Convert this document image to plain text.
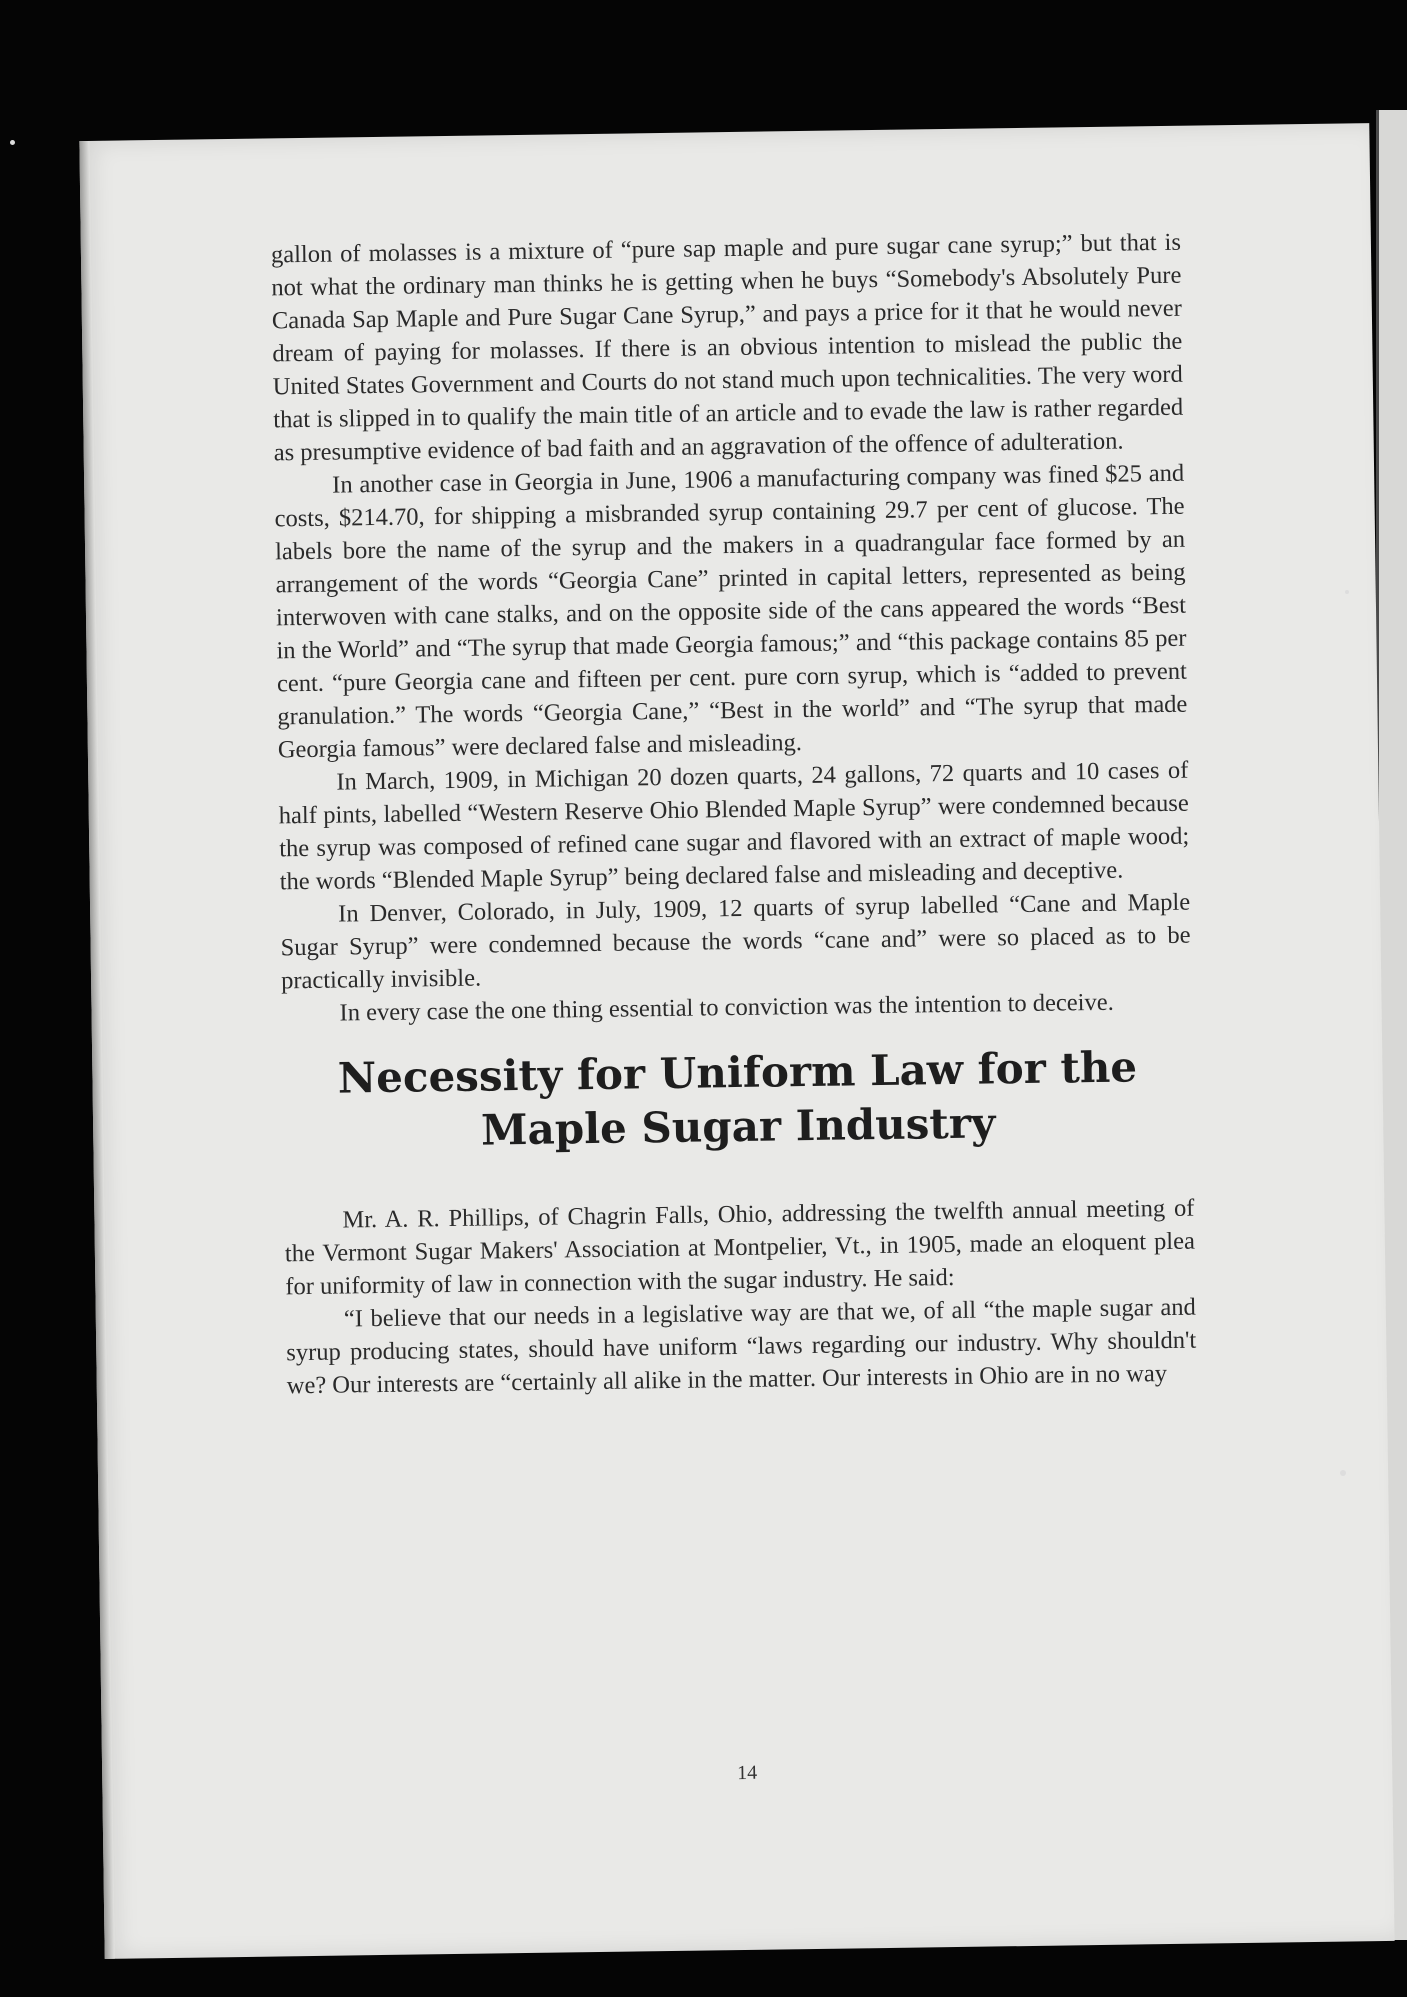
gallon of molasses is a mixture of “pure sap maple and pure sugar cane syrup;” but that is not what the ordinary man thinks he is getting when he buys “Somebody's Absolutely Pure Canada Sap Maple and Pure Sugar Cane Syrup,” and pays a price for it that he would never dream of paying for molasses. If there is an obvious intention to mislead the public the United States Government and Courts do not stand much upon technicalities. The very word that is slipped in to qualify the main title of an article and to evade the law is rather regarded as presumptive evidence of bad faith and an aggravation of the offence of adulteration.

In another case in Georgia in June, 1906 a manufacturing company was fined $25 and costs, $214.70, for shipping a misbranded syrup containing 29.7 per cent of glucose. The labels bore the name of the syrup and the makers in a quadrangular face formed by an arrangement of the words “Georgia Cane” printed in capital letters, represented as being interwoven with cane stalks, and on the opposite side of the cans appeared the words “Best in the World” and “The syrup that made Georgia famous;” and “this package contains 85 per cent. “pure Georgia cane and fifteen per cent. pure corn syrup, which is “added to prevent granulation.” The words “Georgia Cane,” “Best in the world” and “The syrup that made Georgia famous” were declared false and misleading.

In March, 1909, in Michigan 20 dozen quarts, 24 gallons, 72 quarts and 10 cases of half pints, labelled “Western Reserve Ohio Blended Maple Syrup” were condemned because the syrup was composed of refined cane sugar and flavored with an extract of maple wood; the words “Blended Maple Syrup” being declared false and misleading and deceptive.

In Denver, Colorado, in July, 1909, 12 quarts of syrup labelled “Cane and Maple Sugar Syrup” were condemned because the words “cane and” were so placed as to be practically invisible.

In every case the one thing essential to conviction was the intention to deceive.

Necessity for Uniform Law for the
Maple Sugar Industry

Mr. A. R. Phillips, of Chagrin Falls, Ohio, addressing the twelfth annual meeting of the Vermont Sugar Makers' Association at Montpelier, Vt., in 1905, made an eloquent plea for uniformity of law in connection with the sugar industry. He said:

“I believe that our needs in a legislative way are that we, of all “the maple sugar and syrup producing states, should have uniform “laws regarding our industry. Why shouldn't we? Our interests are “certainly all alike in the matter. Our interests in Ohio are in no way

14
